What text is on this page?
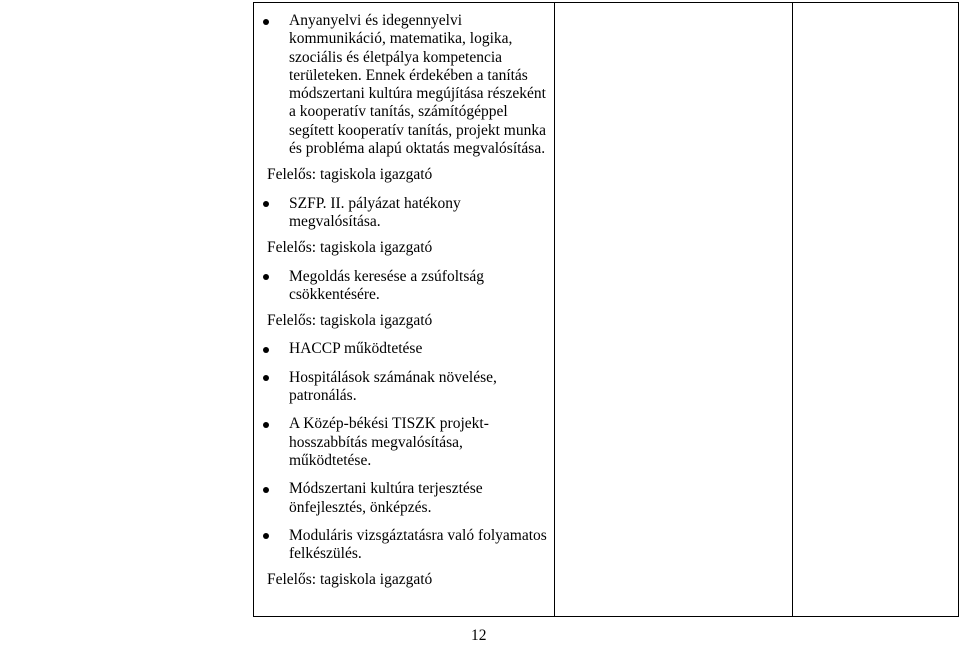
Anyanyelvi és idegennyelvi kommunikáció, matematika, logika, szociális és életpálya kompetencia területeken. Ennek érdekében a tanítás módszertani kultúra megújítása részeként a kooperatív tanítás, számítógéppel segített kooperatív tanítás, projekt munka és probléma alapú oktatás megvalósítása.
Felelős: tagiskola igazgató
SZFP. II. pályázat hatékony megvalósítása.
Felelős: tagiskola igazgató
Megoldás keresése a zsúfoltság csökkentésére.
Felelős: tagiskola igazgató
HACCP működtetése
Hospitálások számának növelése, patronálás.
A Közép-békési TISZK projekt-hosszabbítás megvalósítása, működtetése.
Módszertani kultúra terjesztése önfejlesztés, önképzés.
Moduláris vizsgáztatásra való folyamatos felkészülés.
Felelős: tagiskola igazgató
12
